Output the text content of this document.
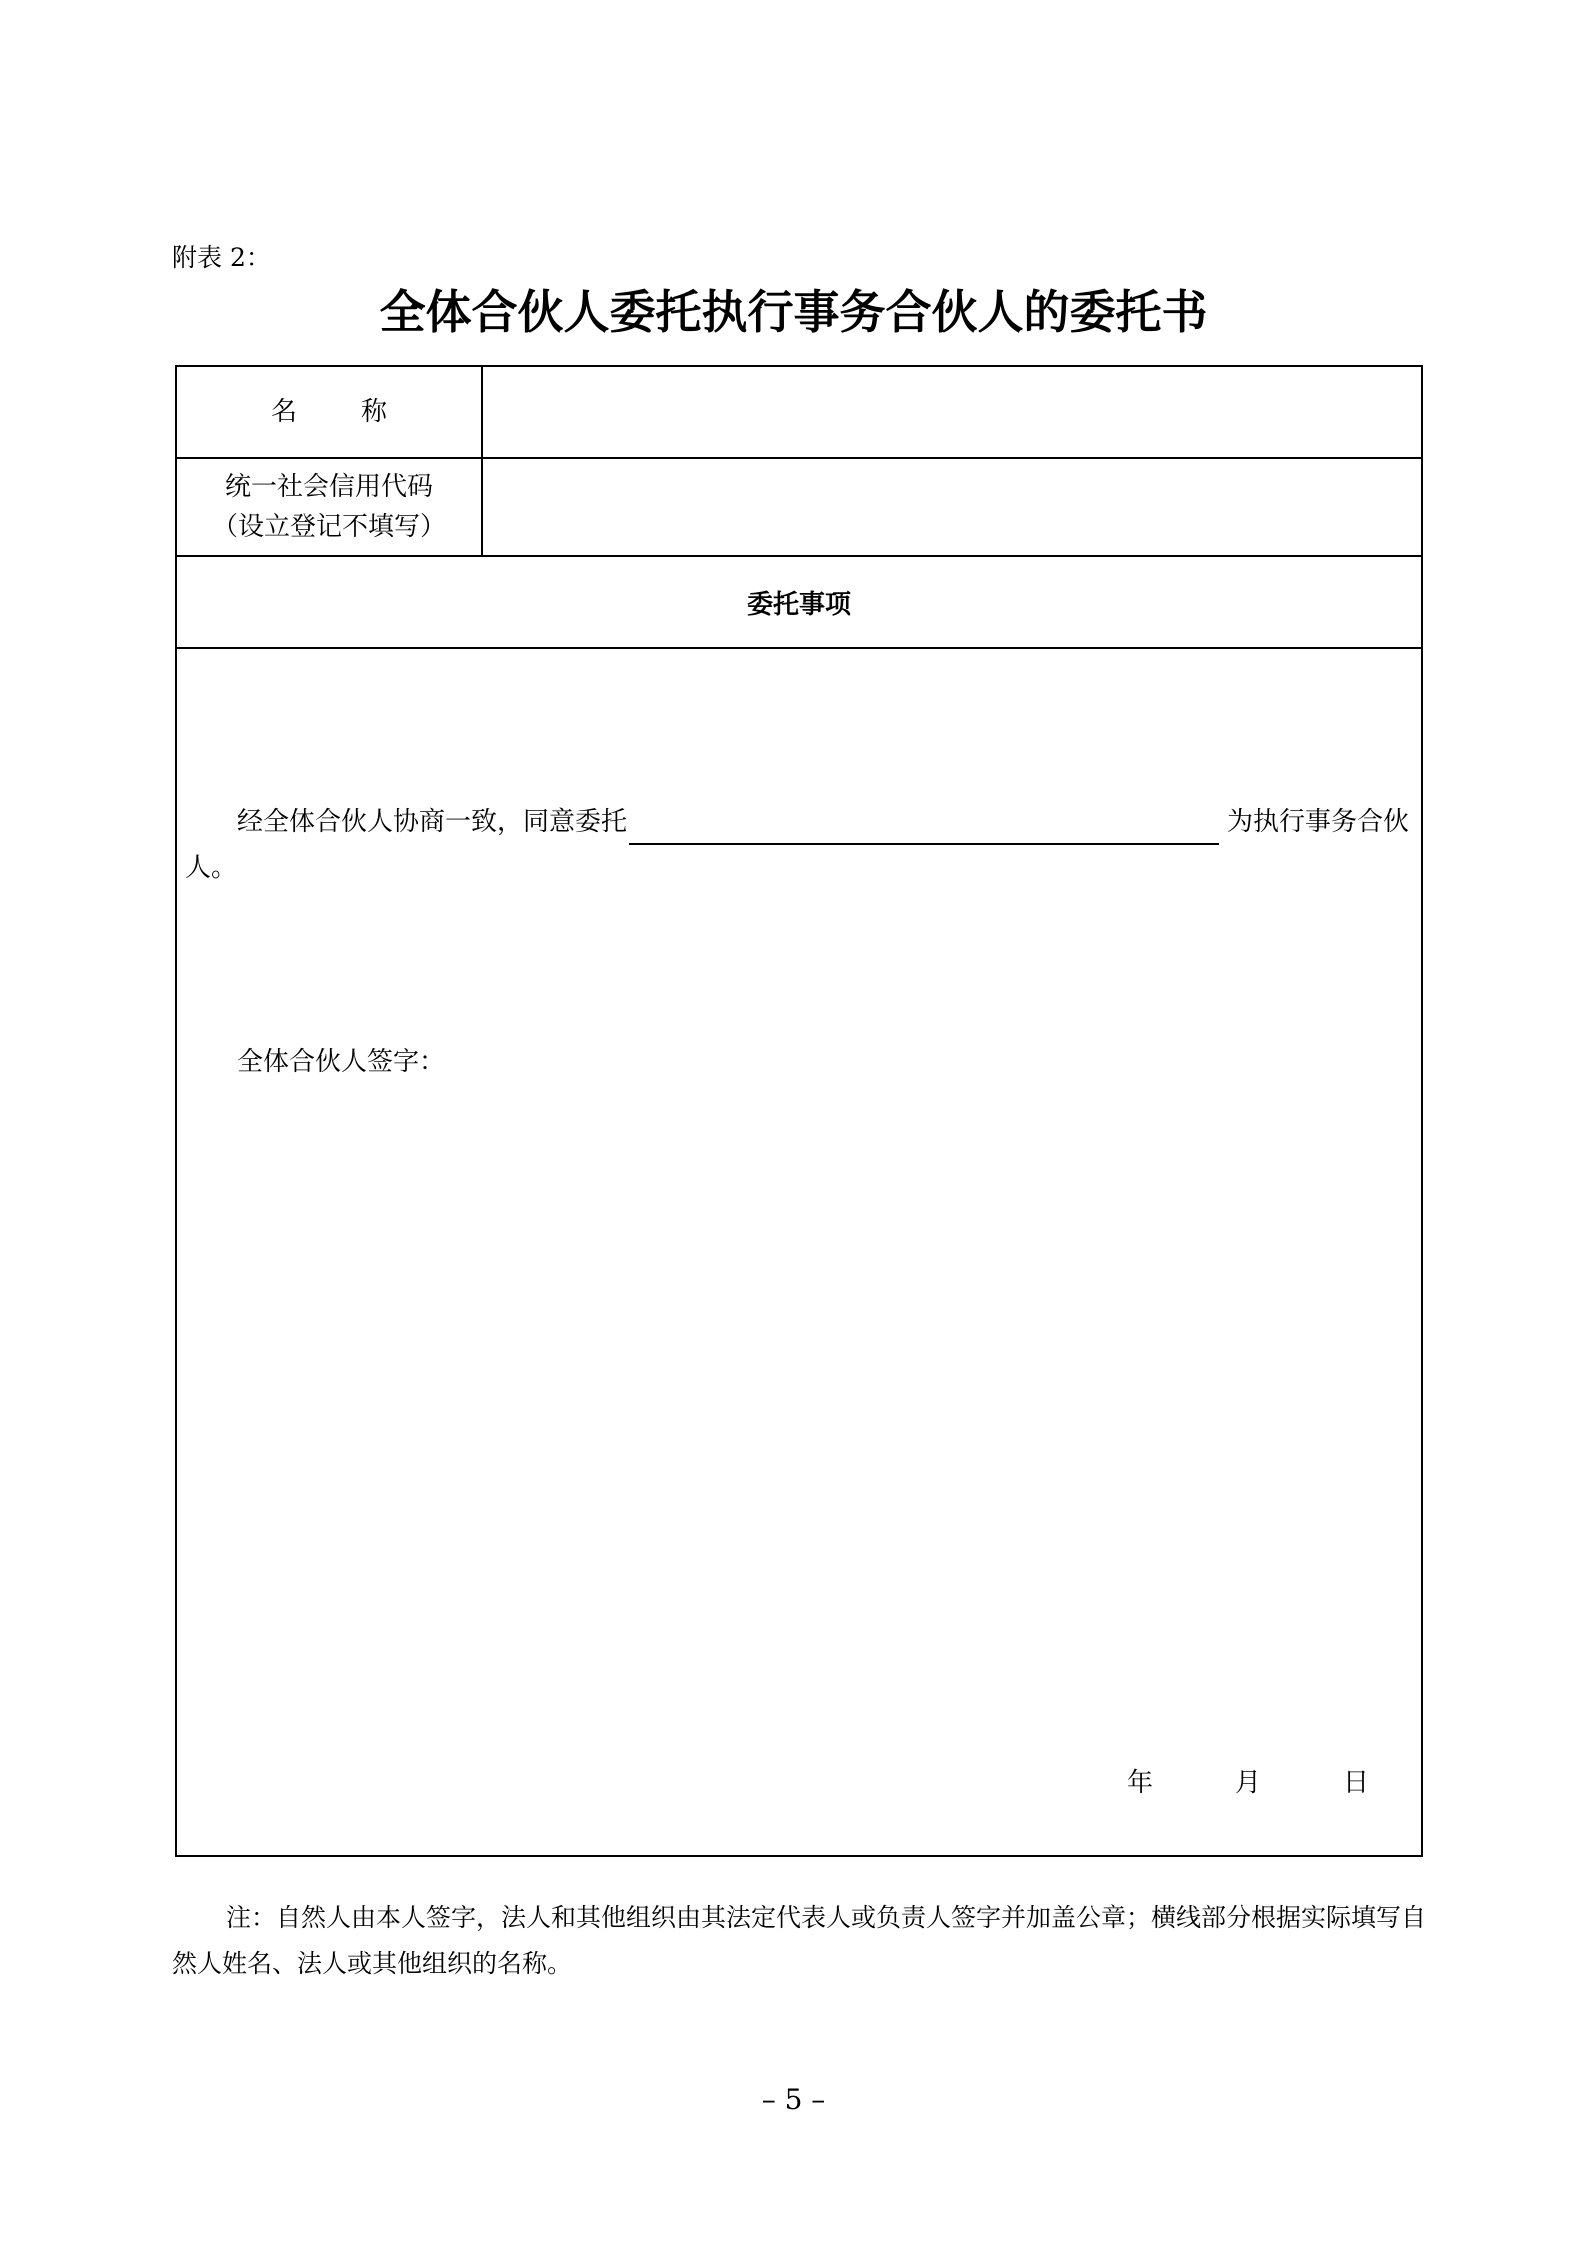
附表 2：
全体合伙人委托执行事务合伙人的委托书
名称
统一社会信用代码
（设立登记不填写）
委托事项
经全体合伙人协商一致，同意委托	为执行事务合伙人。
全体合伙人签字：
年	月	日
注：自然人由本人签字，法人和其他组织由其法定代表人或负责人签字并加盖公章；横线部分根据实际填写自然人姓名、法人或其他组织的名称。
– 5 –
